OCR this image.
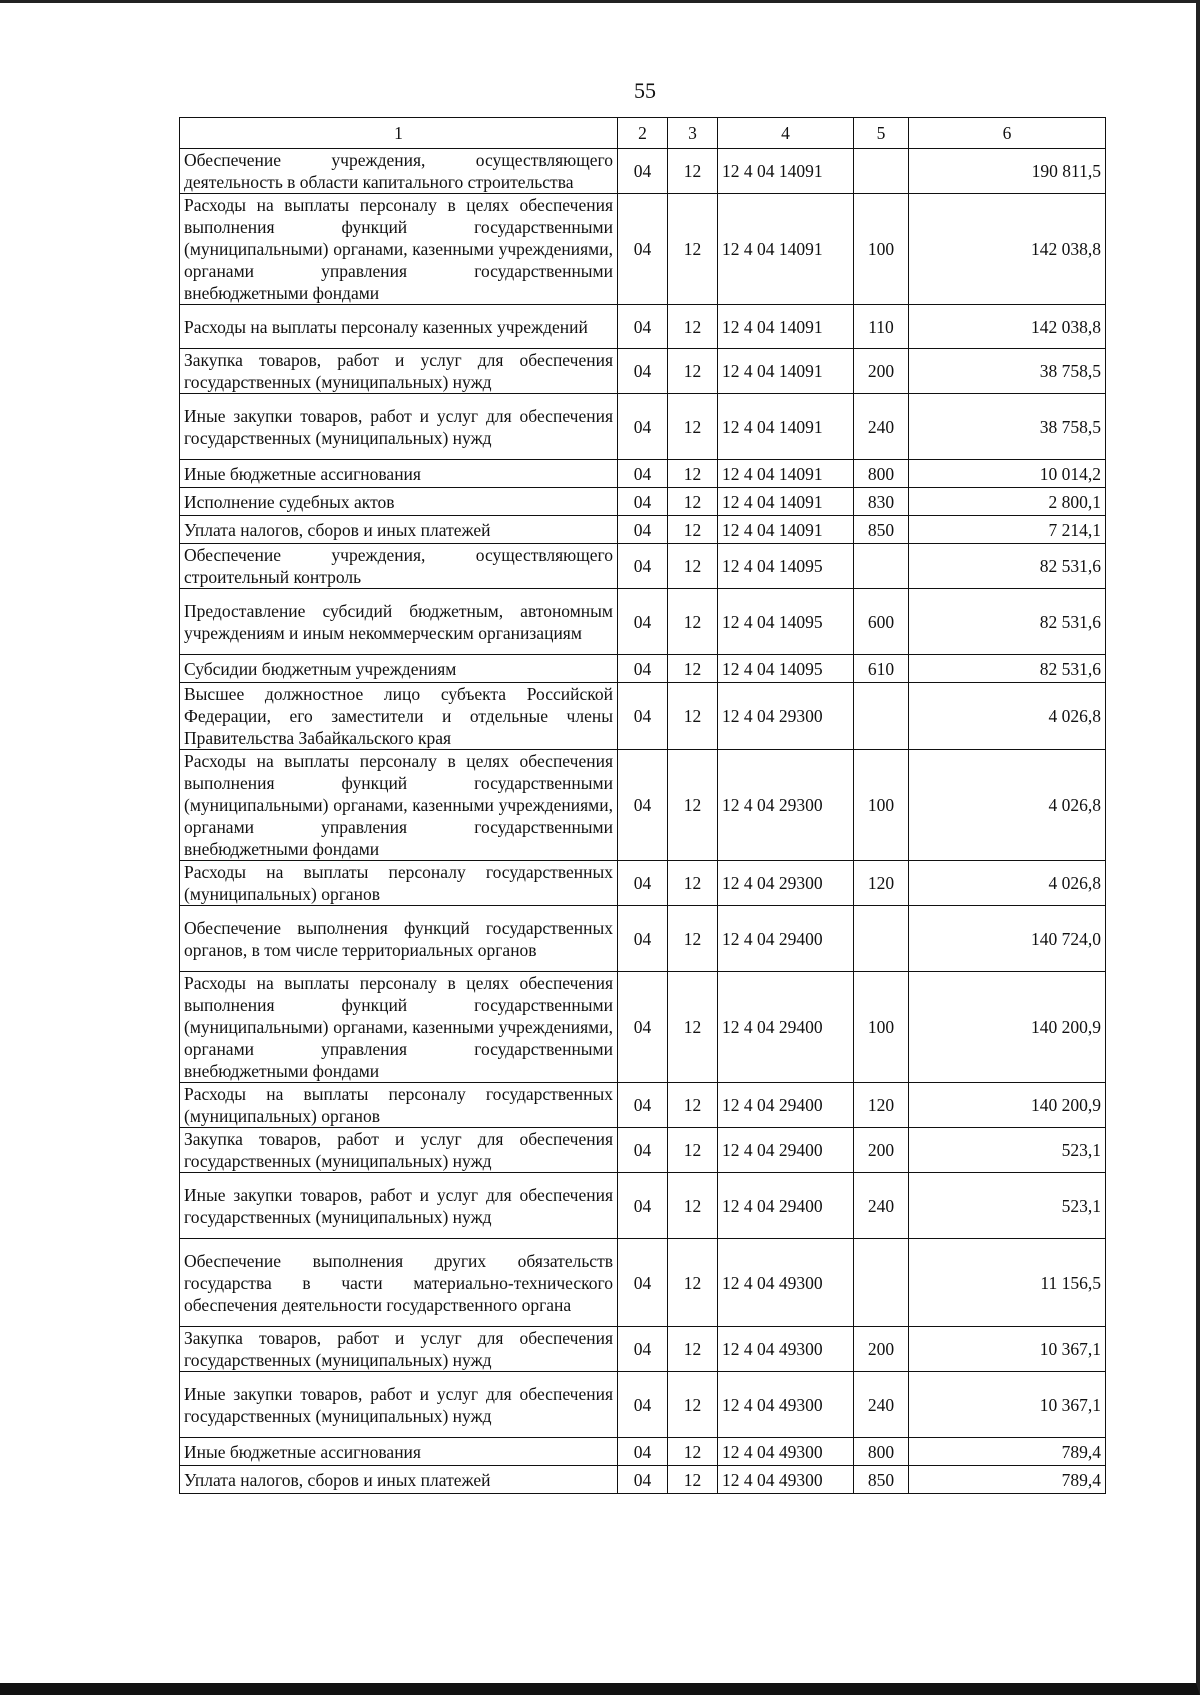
55
1	2	3	4	5	6
Обеспечение учреждения, осуществляющего деятельность в области капитального строительства	04	12	12 4 04 14091		190 811,5
Расходы на выплаты персоналу в целях обеспечения выполнения функций государственными (муниципальными) органами, казенными учреждениями, органами управления государственными внебюджетными фондами	04	12	12 4 04 14091	100	142 038,8
Расходы на выплаты персоналу казенных учреждений	04	12	12 4 04 14091	110	142 038,8
Закупка товаров, работ и услуг для обеспечения государственных (муниципальных) нужд	04	12	12 4 04 14091	200	38 758,5
Иные закупки товаров, работ и услуг для обеспечения государственных (муниципальных) нужд	04	12	12 4 04 14091	240	38 758,5
Иные бюджетные ассигнования	04	12	12 4 04 14091	800	10 014,2
Исполнение судебных актов	04	12	12 4 04 14091	830	2 800,1
Уплата налогов, сборов и иных платежей	04	12	12 4 04 14091	850	7 214,1
Обеспечение учреждения, осуществляющего строительный контроль	04	12	12 4 04 14095		82 531,6
Предоставление субсидий бюджетным, автономным учреждениям и иным некоммерческим организациям	04	12	12 4 04 14095	600	82 531,6
Субсидии бюджетным учреждениям	04	12	12 4 04 14095	610	82 531,6
Высшее должностное лицо субъекта Российской Федерации, его заместители и отдельные члены Правительства Забайкальского края	04	12	12 4 04 29300		4 026,8
Расходы на выплаты персоналу в целях обеспечения выполнения функций государственными (муниципальными) органами, казенными учреждениями, органами управления государственными внебюджетными фондами	04	12	12 4 04 29300	100	4 026,8
Расходы на выплаты персоналу государственных (муниципальных) органов	04	12	12 4 04 29300	120	4 026,8
Обеспечение выполнения функций государственных органов, в том числе территориальных органов	04	12	12 4 04 29400		140 724,0
Расходы на выплаты персоналу в целях обеспечения выполнения функций государственными (муниципальными) органами, казенными учреждениями, органами управления государственными внебюджетными фондами	04	12	12 4 04 29400	100	140 200,9
Расходы на выплаты персоналу государственных (муниципальных) органов	04	12	12 4 04 29400	120	140 200,9
Закупка товаров, работ и услуг для обеспечения государственных (муниципальных) нужд	04	12	12 4 04 29400	200	523,1
Иные закупки товаров, работ и услуг для обеспечения государственных (муниципальных) нужд	04	12	12 4 04 29400	240	523,1
Обеспечение выполнения других обязательств государства в части материально-технического обеспечения деятельности государственного органа	04	12	12 4 04 49300		11 156,5
Закупка товаров, работ и услуг для обеспечения государственных (муниципальных) нужд	04	12	12 4 04 49300	200	10 367,1
Иные закупки товаров, работ и услуг для обеспечения государственных (муниципальных) нужд	04	12	12 4 04 49300	240	10 367,1
Иные бюджетные ассигнования	04	12	12 4 04 49300	800	789,4
Уплата налогов, сборов и иных платежей	04	12	12 4 04 49300	850	789,4
